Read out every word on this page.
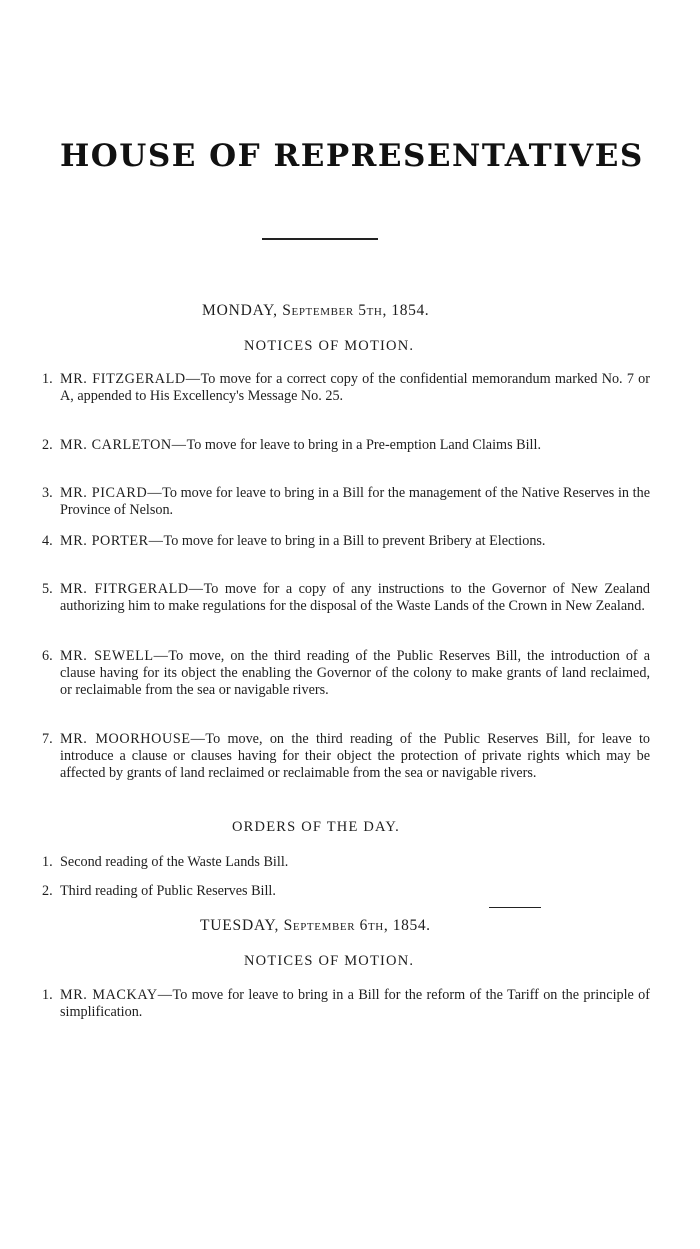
HOUSE OF REPRESENTATIVES
MONDAY, September 5th, 1854.
NOTICES OF MOTION.

1. MR. FITZGERALD—To move for a correct copy of the confidential memorandum marked No. 7 or A, appended to His Excellency's Message No. 25.

2. MR. CARLETON—To move for leave to bring in a Pre-emption Land Claims Bill.

3. MR. PICARD—To move for leave to bring in a Bill for the management of the Native Reserves in the Province of Nelson.

4. MR. PORTER—To move for leave to bring in a Bill to prevent Bribery at Elections.

5. MR. FITRGERALD—To move for a copy of any instructions to the Governor of New Zealand authorizing him to make regulations for the disposal of the Waste Lands of the Crown in New Zealand.

6. MR. SEWELL—To move, on the third reading of the Public Reserves Bill, the introduction of a clause having for its object the enabling the Governor of the colony to make grants of land reclaimed, or reclaimable from the sea or navigable rivers.

7. MR. MOORHOUSE—To move, on the third reading of the Public Reserves Bill, for leave to introduce a clause or clauses having for their object the protection of private rights which may be affected by grants of land reclaimed or reclaimable from the sea or navigable rivers.

ORDERS OF THE DAY.

1. Second reading of the Waste Lands Bill.

2. Third reading of Public Reserves Bill.

TUESDAY, September 6th, 1854.
NOTICES OF MOTION.

1. MR. MACKAY—To move for leave to bring in a Bill for the reform of the Tariff on the principle of simplification.
